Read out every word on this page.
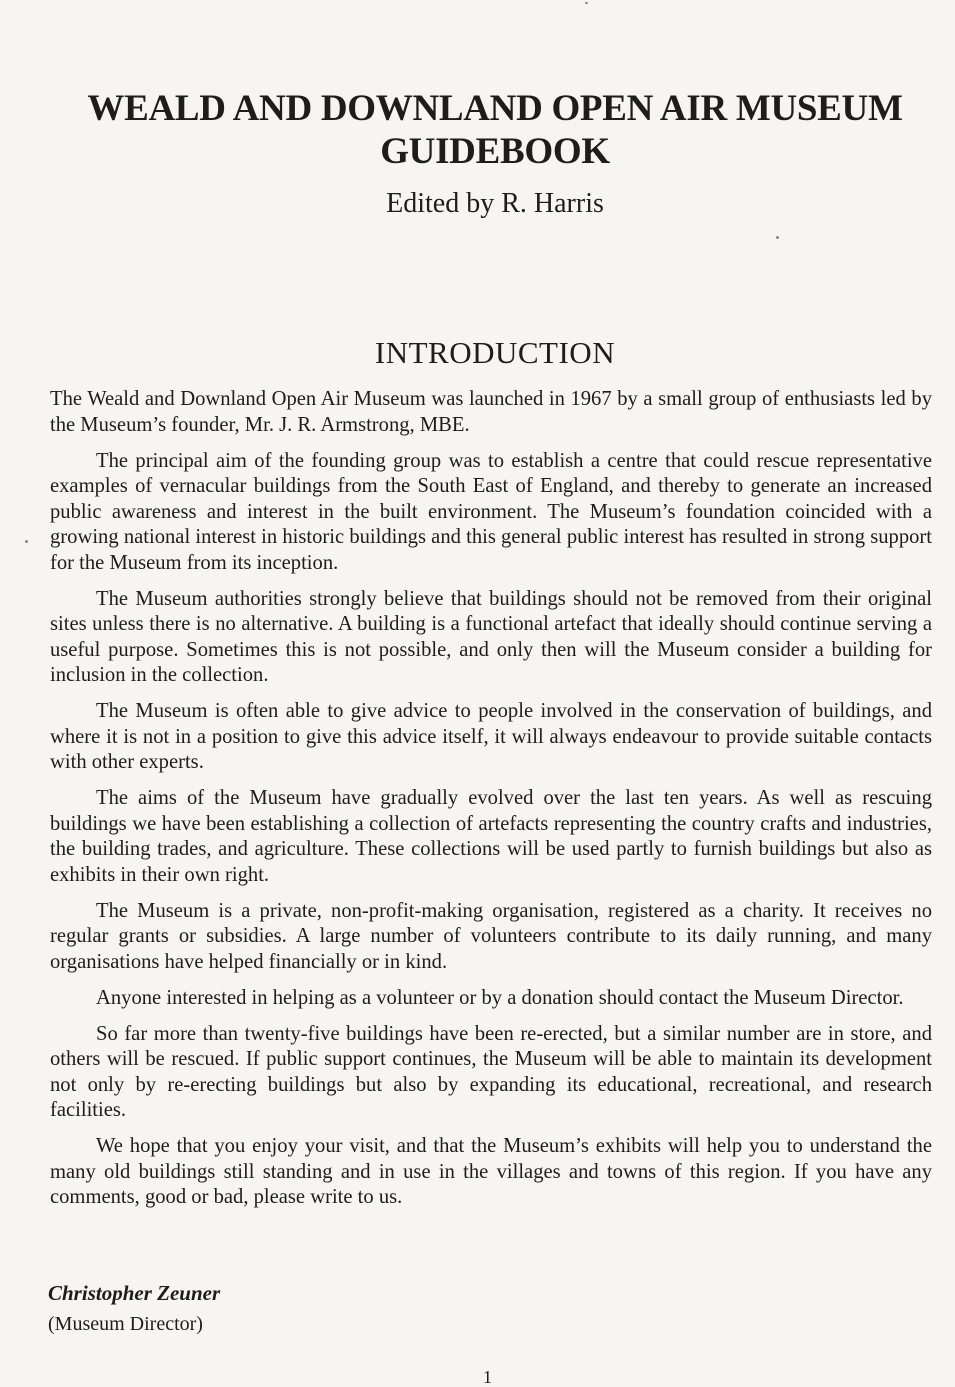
WEALD AND DOWNLAND OPEN AIR MUSEUM
GUIDEBOOK

Edited by R. Harris

INTRODUCTION

The Weald and Downland Open Air Museum was launched in 1967 by a small group of enthusiasts led by the Museum’s founder, Mr. J. R. Armstrong, MBE.

The principal aim of the founding group was to establish a centre that could rescue representative examples of vernacular buildings from the South East of England, and thereby to generate an increased public awareness and interest in the built environment. The Museum’s foundation coincided with a growing national interest in historic buildings and this general public interest has resulted in strong support for the Museum from its inception.

The Museum authorities strongly believe that buildings should not be removed from their original sites unless there is no alternative. A building is a functional artefact that ideally should continue serving a useful purpose. Sometimes this is not possible, and only then will the Museum consider a building for inclusion in the collection.

The Museum is often able to give advice to people involved in the conservation of buildings, and where it is not in a position to give this advice itself, it will always endeavour to provide suitable contacts with other experts.

The aims of the Museum have gradually evolved over the last ten years. As well as rescuing buildings we have been establishing a collection of artefacts representing the country crafts and industries, the building trades, and agriculture. These collections will be used partly to furnish buildings but also as exhibits in their own right.

The Museum is a private, non-profit-making organisation, registered as a charity. It receives no regular grants or subsidies. A large number of volunteers contribute to its daily running, and many organisations have helped financially or in kind.

Anyone interested in helping as a volunteer or by a donation should contact the Museum Director.

So far more than twenty-five buildings have been re-erected, but a similar number are in store, and others will be rescued. If public support continues, the Museum will be able to maintain its development not only by re-erecting buildings but also by expanding its educational, recreational, and research facilities.

We hope that you enjoy your visit, and that the Museum’s exhibits will help you to understand the many old buildings still standing and in use in the villages and towns of this region. If you have any comments, good or bad, please write to us.

Christopher Zeuner

(Museum Director)

1
